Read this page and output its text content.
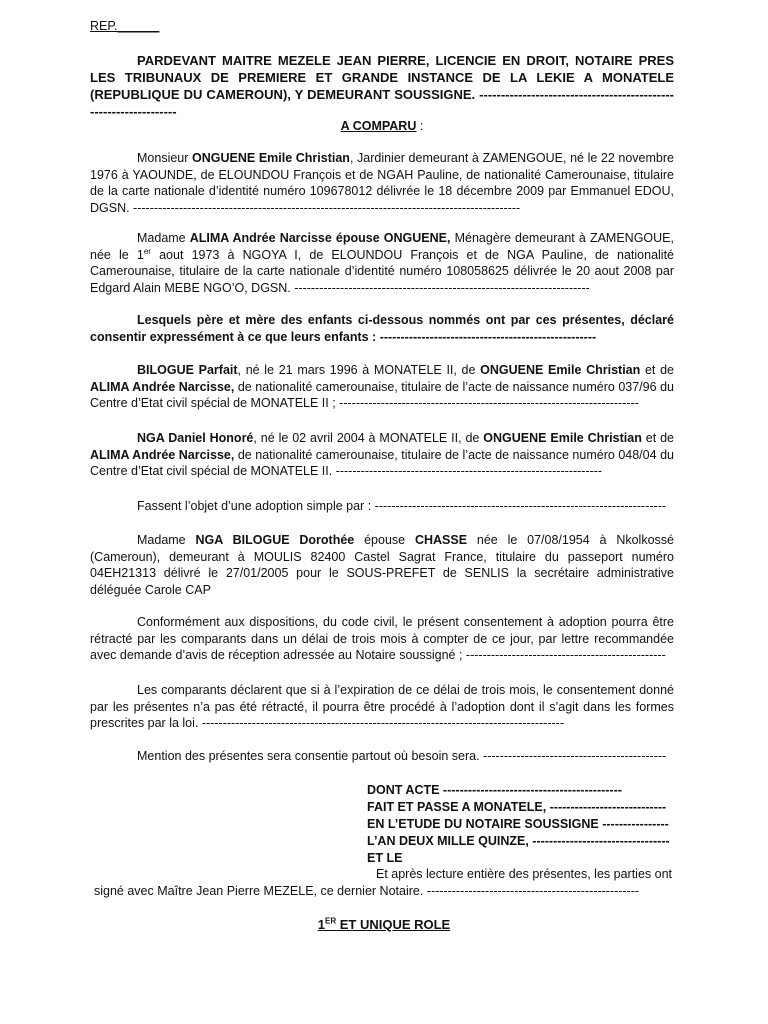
REP.______

PARDEVANT MAITRE MEZELE JEAN PIERRE, LICENCIE EN DROIT, NOTAIRE PRES LES TRIBUNAUX DE PREMIERE ET GRANDE INSTANCE DE LA LEKIE A MONATELE (REPUBLIQUE DU CAMEROUN), Y DEMEURANT SOUSSIGNE. -----------------------------------------------------------------

A COMPARU :

Monsieur ONGUENE Emile Christian, Jardinier demeurant à ZAMENGOUE, né le 22 novembre 1976 à YAOUNDE, de ELOUNDOU François et de NGAH Pauline, de nationalité Camerounaise, titulaire de la carte nationale d’identité numéro 109678012 délivrée le 18 décembre 2009 par Emmanuel EDOU, DGSN. ---------------------------------------------------------------------------------------------

Madame ALIMA Andrée Narcisse épouse ONGUENE, Ménagère demeurant à ZAMENGOUE, née le 1er aout 1973 à NGOYA I, de ELOUNDOU François et de NGA Pauline, de nationalité Camerounaise, titulaire de la carte nationale d’identité numéro 108058625 délivrée le 20 aout 2008 par Edgard Alain MEBE NGO’O, DGSN. -----------------------------------------------------------------------

Lesquels père et mère des enfants ci-dessous nommés ont par ces présentes, déclaré consentir expressément à ce que leurs enfants : ----------------------------------------------------

BILOGUE Parfait, né le 21 mars 1996 à MONATELE II, de ONGUENE Emile Christian et de ALIMA Andrée Narcisse, de nationalité camerounaise, titulaire de l’acte de naissance numéro 037/96 du Centre d’Etat civil spécial de MONATELE II ; ------------------------------------------------------------------------

NGA Daniel Honoré, né le 02 avril 2004 à MONATELE II, de ONGUENE Emile Christian et de ALIMA Andrée Narcisse, de nationalité camerounaise, titulaire de l’acte de naissance numéro 048/04 du Centre d’Etat civil spécial de MONATELE II. ----------------------------------------------------------------

Fassent l’objet d’une adoption simple par : ----------------------------------------------------------------------

Madame NGA BILOGUE Dorothée épouse CHASSE née le 07/08/1954 à Nkolkossé (Cameroun), demeurant à MOULIS 82400 Castel Sagrat France, titulaire du passeport numéro 04EH21313 délivré le 27/01/2005 pour le SOUS-PREFET de SENLIS la secrétaire administrative déléguée Carole CAP

Conformément aux dispositions, du code civil, le présent consentement à adoption pourra être rétracté par les comparants dans un délai de trois mois à compter de ce jour, par lettre recommandée avec demande d’avis de réception adressée au Notaire soussigné ; ------------------------------------------------

Les comparants déclarent que si à l’expiration de ce délai de trois mois, le consentement donné par les présentes n’a pas été rétracté, il pourra être procédé à l’adoption dont il s’agit dans les formes prescrites par la loi. ---------------------------------------------------------------------------------------

Mention des présentes sera consentie partout où besoin sera. --------------------------------------------

DONT ACTE -------------------------------------------

FAIT ET PASSE A MONATELE, ----------------------------

EN L’ETUDE DU NOTAIRE SOUSSIGNE ----------------

L’AN DEUX MILLE QUINZE, ---------------------------------

ET LE

Et après lecture entière des présentes, les parties ont

signé avec Maître Jean Pierre MEZELE, ce dernier Notaire. ---------------------------------------------------

1ER ET UNIQUE ROLE
